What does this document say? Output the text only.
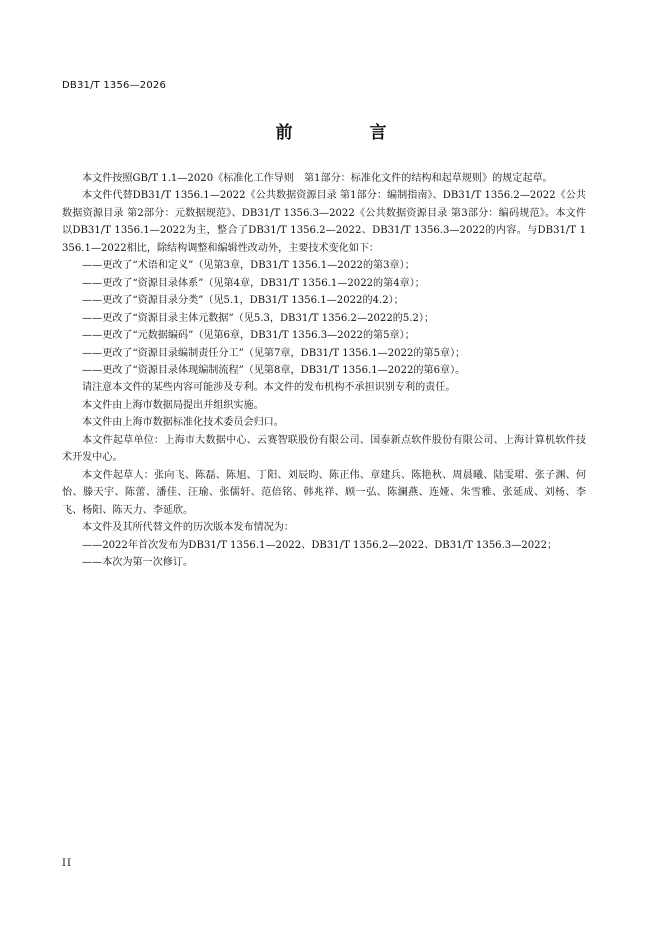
DB31/T 1356—2026
前　言

本文件按照GB/T 1.1—2020《标准化工作导则　第1部分：标准化文件的结构和起草规则》的规定起草。

本文件代替DB31/T 1356.1—2022《公共数据资源目录 第1部分：编制指南》、DB31/T 1356.2—2022《公共数据资源目录 第2部分：元数据规范》、DB31/T 1356.3—2022《公共数据资源目录 第3部分：编码规范》。本文件以DB31/T 1356.1—2022为主，整合了DB31/T 1356.2—2022、DB31/T 1356.3—2022的内容。与DB31/T 1356.1—2022相比，除结构调整和编辑性改动外，主要技术变化如下：

——更改了“术语和定义”（见第3章，DB31/T 1356.1—2022的第3章）；

——更改了“资源目录体系”（见第4章，DB31/T 1356.1—2022的第4章）；

——更改了“资源目录分类”（见5.1，DB31/T 1356.1—2022的4.2）；

——更改了“资源目录主体元数据”（见5.3，DB31/T 1356.2—2022的5.2）；

——更改了“元数据编码”（见第6章，DB31/T 1356.3—2022的第5章）；

——更改了“资源目录编制责任分工”（见第7章，DB31/T 1356.1—2022的第5章）；

——更改了“资源目录体现编制流程”（见第8章，DB31/T 1356.1—2022的第6章）。

请注意本文件的某些内容可能涉及专利。本文件的发布机构不承担识别专利的责任。

本文件由上海市数据局提出并组织实施。

本文件由上海市数据标准化技术委员会归口。

本文件起草单位：上海市大数据中心、云赛智联股份有限公司、国泰新点软件股份有限公司、上海计算机软件技术开发中心。

本文件起草人：张向飞、陈磊、陈旭、丁阳、刘辰昀、陈正伟、章建兵、陈艳秋、周晨曦、陆雯珺、张子渊、何怡、滕天宇、陈蕾、潘佳、汪瑜、张儒轩、范倍铭、韩兆祥、顾一弘、陈澜燕、连娅、朱雪雅、张延成、刘杨、李飞、杨阳、陈天力、李延欣。

本文件及其所代替文件的历次版本发布情况为：

——2022年首次发布为DB31/T 1356.1—2022、DB31/T 1356.2—2022、DB31/T 1356.3—2022；

——本次为第一次修订。

II
